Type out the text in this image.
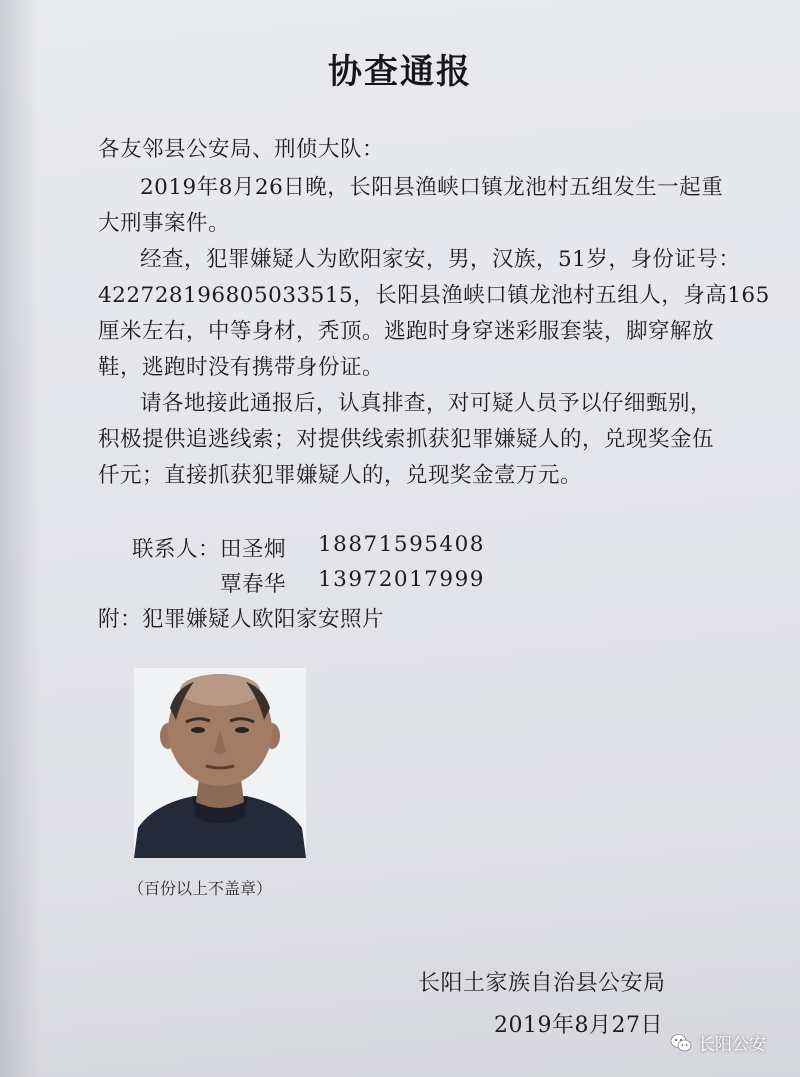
协查通报
各友邻县公安局、刑侦大队：
2019年8月26日晚，长阳县渔峡口镇龙池村五组发生一起重
大刑事案件。
经查，犯罪嫌疑人为欧阳家安，男，汉族，51岁，身份证号：
422728196805033515，长阳县渔峡口镇龙池村五组人，身高165
厘米左右，中等身材，秃顶。逃跑时身穿迷彩服套装，脚穿解放
鞋，逃跑时没有携带身份证。
请各地接此通报后，认真排查，对可疑人员予以仔细甄别，
积极提供追逃线索；对提供线索抓获犯罪嫌疑人的，兑现奖金伍
仟元；直接抓获犯罪嫌疑人的，兑现奖金壹万元。
联系人： 田圣炯 18871595408
覃春华 13972017999
附：犯罪嫌疑人欧阳家安照片
（百份以上不盖章）
长阳土家族自治县公安局
2019年8月27日
长阳公安
